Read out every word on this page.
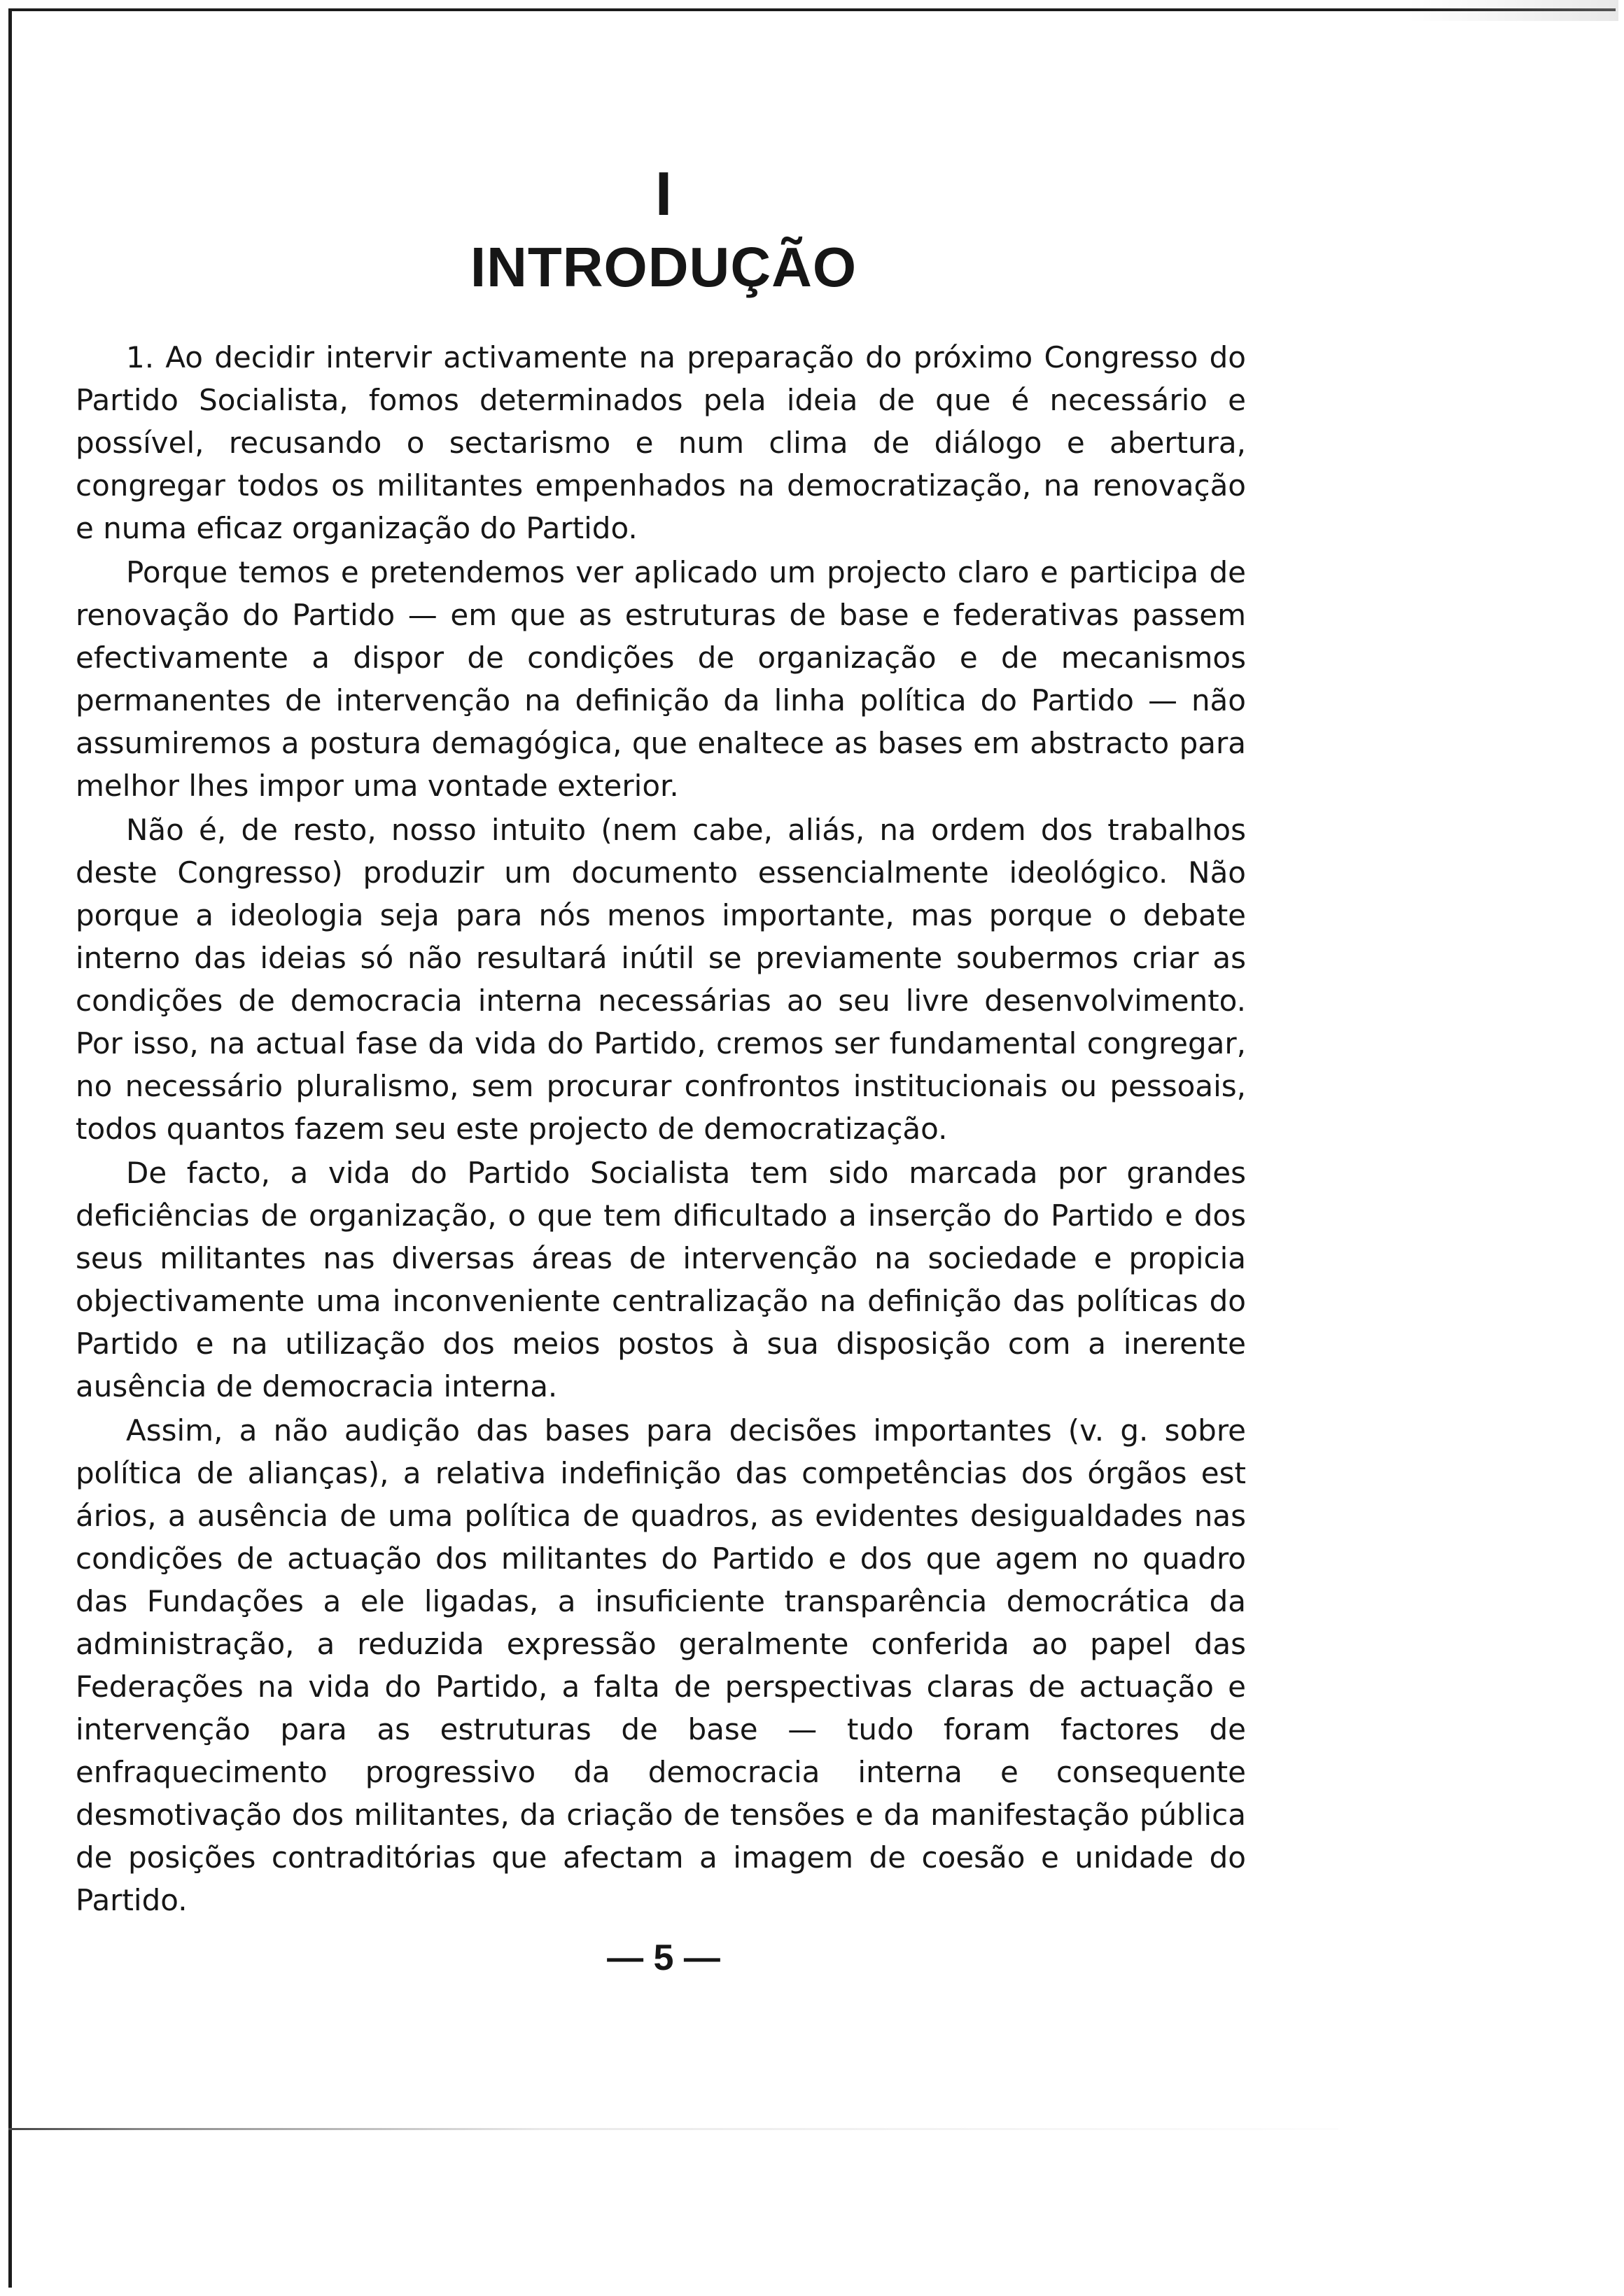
I
INTRODUÇÃO

1. Ao decidir intervir activamente na preparação do próximo Congresso do Partido Socialista, fomos determinados pela ideia de que é necessário e possível, recusando o sectarismo e num clima de diálogo e abertura, congregar todos os militantes empenhados na democratização, na renovação e numa eficaz organização do Partido.

Porque temos e pretendemos ver aplicado um projecto claro e participa de renovação do Partido — em que as estruturas de base e federativas passem efectivamente a dispor de condições de organização e de mecanismos permanentes de intervenção na definição da linha política do Partido — não assumiremos a postura demagógica, que enaltece as bases em abstracto para melhor lhes impor uma vontade exterior.

Não é, de resto, nosso intuito (nem cabe, aliás, na ordem dos trabalhos deste Congresso) produzir um documento essencialmente ideológico. Não porque a ideologia seja para nós menos importante, mas porque o debate interno das ideias só não resultará inútil se previamente soubermos criar as condições de democracia interna necessárias ao seu livre desenvolvimento. Por isso, na actual fase da vida do Partido, cremos ser fundamental congregar, no necessário pluralismo, sem procurar confrontos institucionais ou pessoais, todos quantos fazem seu este projecto de democratização.

De facto, a vida do Partido Socialista tem sido marcada por grandes deficiências de organização, o que tem dificultado a inserção do Partido e dos seus militantes nas diversas áreas de intervenção na sociedade e propicia objectivamente uma inconveniente centralização na definição das políticas do Partido e na utilização dos meios postos à sua disposição com a inerente ausência de democracia interna.

Assim, a não audição das bases para decisões importantes (v. g. sobre política de alianças), a relativa indefinição das competências dos órgãos est ários, a ausência de uma política de quadros, as evidentes desigualdades nas condições de actuação dos militantes do Partido e dos que agem no quadro das Fundações a ele ligadas, a insuficiente transparência democrática da administração, a reduzida expressão geralmente conferida ao papel das Federações na vida do Partido, a falta de perspectivas claras de actuação e intervenção para as estruturas de base — tudo foram factores de enfraquecimento progressivo da democracia interna e consequente desmotivação dos militantes, da criação de tensões e da manifestação pública de posições contraditórias que afectam a imagem de coesão e unidade do Partido.

— 5 —
